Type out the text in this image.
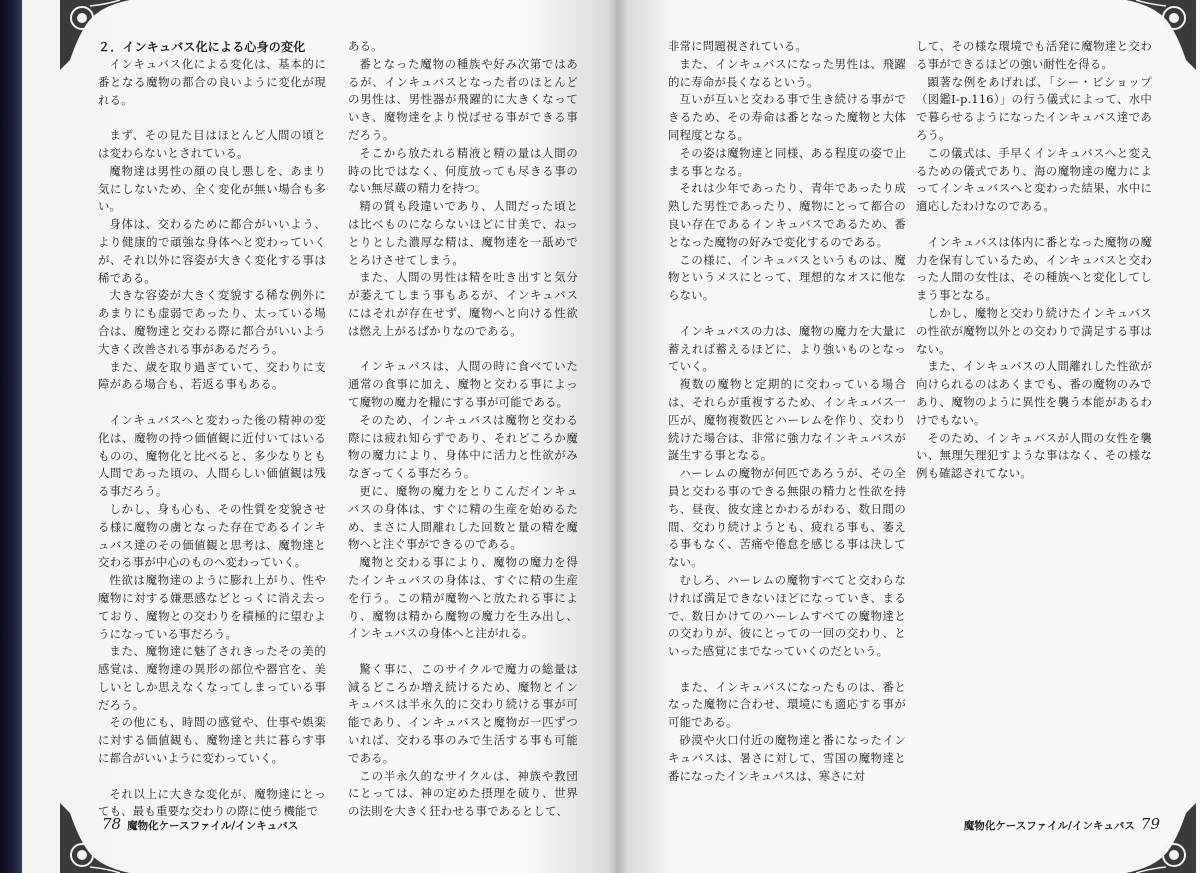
２．インキュバス化による心身の変化

インキュバス化による変化は、基本的に番となる魔物の都合の良いように変化が現れる。

まず、その見た目はほとんど人間の頃とは変わらないとされている。

魔物達は男性の顔の良し悪しを、あまり気にしないため、全く変化が無い場合も多い。

身体は、交わるために都合がいいよう、より健康的で頑強な身体へと変わっていくが、それ以外に容姿が大きく変化する事は稀である。

大きな容姿が大きく変貌する稀な例外にあまりにも虚弱であったり、太っている場合は、魔物達と交わる際に都合がいいよう大きく改善される事があるだろう。

また、歳を取り過ぎていて、交わりに支障がある場合も、若返る事もある。

インキュバスへと変わった後の精神の変化は、魔物の持つ価値観に近付いてはいるものの、魔物化と比べると、多少なりとも人間であった頃の、人間らしい価値観は残る事だろう。

しかし、身も心も、その性質を変貌させる様に魔物の虜となった存在であるインキュバス達のその価値観と思考は、魔物達と交わる事が中心のものへ変わっていく。

性欲は魔物達のように膨れ上がり、性や魔物に対する嫌悪感などとっくに消え去っており、魔物との交わりを積極的に望むようになっている事だろう。

また、魔物達に魅了されきったその美的感覚は、魔物達の異形の部位や器官を、美しいとしか思えなくなってしまっている事だろう。

その他にも、時間の感覚や、仕事や娯楽に対する価値観も、魔物達と共に暮らす事に都合がいいように変わっていく。

それ以上に大きな変化が、魔物達にとっても、最も重要な交わりの際に使う機能で

ある。

番となった魔物の種族や好み次第ではあるが、インキュバスとなった者のほとんどの男性は、男性器が飛躍的に大きくなっていき、魔物達をより悦ばせる事ができる事だろう。

そこから放たれる精液と精の量は人間の時の比ではなく、何度放っても尽きる事のない無尽蔵の精力を持つ。

精の質も段違いであり、人間だった頃とは比べものにならないほどに甘美で、ねっとりとした濃厚な精は、魔物達を一舐めでとろけさせてしまう。

また、人間の男性は精を吐き出すと気分が萎えてしまう事もあるが、インキュバスにはそれが存在せず、魔物へと向ける性欲は燃え上がるばかりなのである。

インキュバスは、人間の時に食べていた通常の食事に加え、魔物と交わる事によって魔物の魔力を糧にする事が可能である。

そのため、インキュバスは魔物と交わる際には疲れ知らずであり、それどころか魔物の魔力により、身体中に活力と性欲がみなぎってくる事だろう。

更に、魔物の魔力をとりこんだインキュバスの身体は、すぐに精の生産を始めるため、まさに人間離れした回数と量の精を魔物へと注ぐ事ができるのである。

魔物と交わる事により、魔物の魔力を得たインキュバスの身体は、すぐに精の生産を行う。この精が魔物へと放たれる事により、魔物は精から魔物の魔力を生み出し、インキュバスの身体へと注がれる。

驚く事に、このサイクルで魔力の総量は減るどころか増え続けるため、魔物とインキュバスは半永久的に交わり続ける事が可能であり、インキュバスと魔物が一匹ずついれば、交わる事のみで生活する事も可能である。

この半永久的なサイクルは、神族や教団にとっては、神の定めた摂理を破り、世界の法則を大きく狂わせる事であるとして、

78 魔物化ケースファイル/インキュバス

非常に問題視されている。

また、インキュバスになった男性は、飛躍的に寿命が長くなるという。

互いが互いと交わる事で生き続ける事ができるため、その寿命は番となった魔物と大体同程度となる。

その姿は魔物達と同様、ある程度の姿で止まる事となる。

それは少年であったり、青年であったり成熟した男性であったり、魔物にとって都合の良い存在であるインキュバスであるため、番となった魔物の好みで変化するのである。

この様に、インキュバスというものは、魔物というメスにとって、理想的なオスに他ならない。

インキュバスの力は、魔物の魔力を大量に蓄えれば蓄えるほどに、より強いものとなっていく。

複数の魔物と定期的に交わっている場合は、それらが重複するため、インキュバス一匹が、魔物複数匹とハーレムを作り、交わり続けた場合は、非常に強力なインキュバスが誕生する事となる。

ハーレムの魔物が何匹であろうが、その全員と交わる事のできる無限の精力と性欲を持ち、昼夜、彼女達とかわるがわる、数日間の間、交わり続けようとも、疲れる事も、萎える事もなく、苦痛や倦怠を感じる事は決してない。

むしろ、ハーレムの魔物すべてと交わらなければ満足できないほどになっていき、まるで、数日かけてのハーレムすべての魔物達との交わりが、彼にとっての一回の交わり、といった感覚にまでなっていくのだという。

また、インキュバスになったものは、番となった魔物に合わせ、環境にも適応する事が可能である。

砂漠や火口付近の魔物達と番になったインキュバスは、暑さに対して、雪国の魔物達と番になったインキュバスは、寒さに対

して、その様な環境でも活発に魔物達と交わる事ができるほどの強い耐性を得る。

顕著な例をあげれば、「シー・ビショップ（図鑑Ⅰ-p.116）」の行う儀式によって、水中で暮らせるようになったインキュバス達であろう。

この儀式は、手早くインキュバスへと変えるための儀式であり、海の魔物達の魔力によってインキュバスへと変わった結果、水中に適応したわけなのである。

インキュバスは体内に番となった魔物の魔力を保有しているため、インキュバスと交わった人間の女性は、その種族へと変化してしまう事となる。

しかし、魔物と交わり続けたインキュバスの性欲が魔物以外との交わりで満足する事はない。

また、インキュバスの人間離れした性欲が向けられるのはあくまでも、番の魔物のみであり、魔物のように異性を襲う本能があるわけでもない。

そのため、インキュバスが人間の女性を襲い、無理矢理犯すような事はなく、その様な例も確認されてない。

魔物化ケースファイル/インキュバス 79
